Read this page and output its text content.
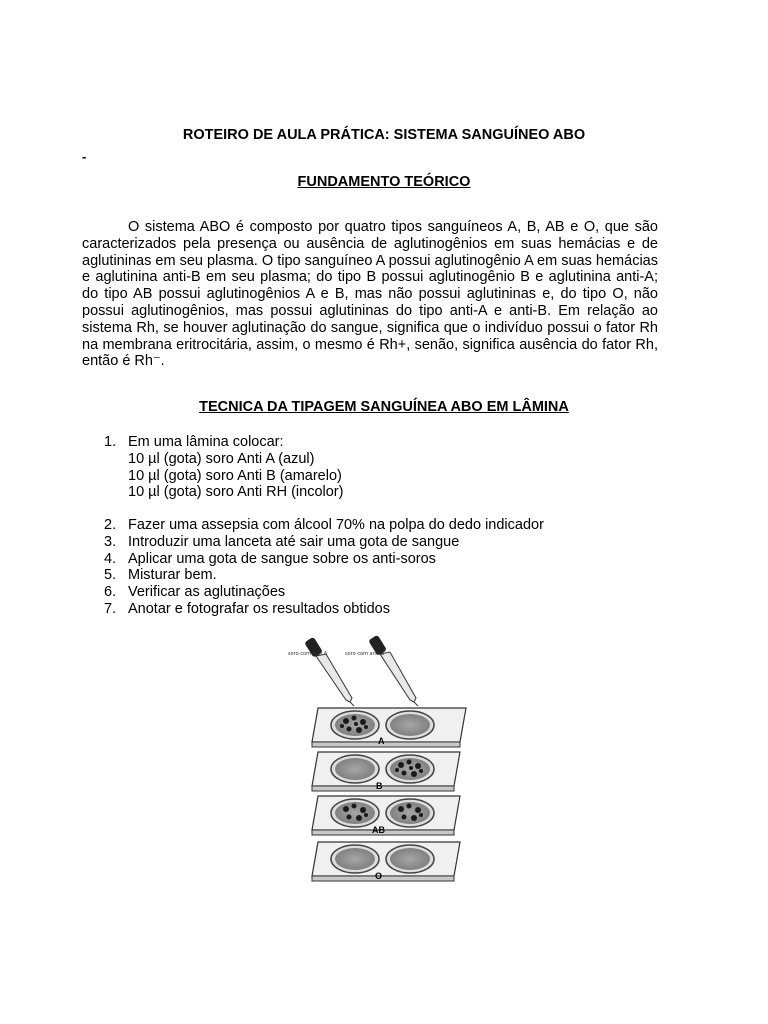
ROTEIRO DE AULA PRÁTICA: SISTEMA SANGUÍNEO ABO
-
FUNDAMENTO TEÓRICO
O sistema ABO é composto por quatro tipos sanguíneos A, B, AB e O, que são caracterizados pela presença ou ausência de aglutinogênios em suas hemácias e de aglutininas em seu plasma. O tipo sanguíneo A possui aglutinogênio A em suas hemácias e aglutinina anti-B em seu plasma; do tipo B possui aglutinogênio B e aglutinina anti-A; do tipo AB possui aglutinogênios A e B, mas não possui aglutininas e, do tipo O, não possui aglutinogênios, mas possui aglutininas do tipo anti-A e anti-B. Em relação ao sistema Rh, se houver aglutinação do sangue, significa que o indivíduo possui o fator Rh na membrana eritrocitária, assim, o mesmo é Rh+, senão, significa ausência do fator Rh, então é Rh⁻.
TECNICA DA TIPAGEM SANGUÍNEA ABO EM LÂMINA
1. Em uma lâmina colocar:
10 µl (gota) soro Anti A (azul)
10 µl (gota) soro Anti B (amarelo)
10 µl (gota) soro Anti RH (incolor)
2. Fazer uma assepsia com álcool 70% na polpa do dedo indicador
3. Introduzir uma lanceta até sair uma gota de sangue
4. Aplicar uma gota de sangue sobre os anti-soros
5. Misturar bem.
6. Verificar as aglutinações
7. Anotar e fotografar os resultados obtidos
soro com anti A	soro com anti B
A
B
AB
O
